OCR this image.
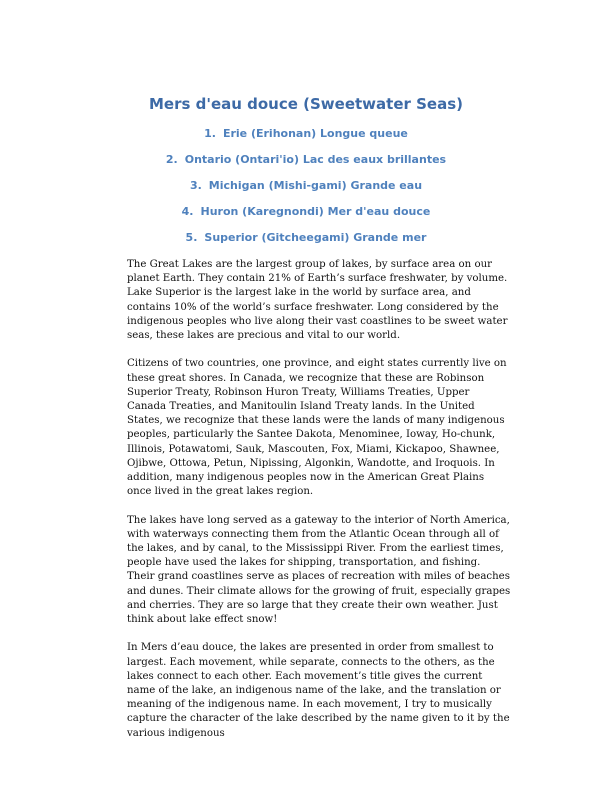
Mers d'eau douce (Sweetwater Seas)
1. Erie (Erihonan) Longue queue
2. Ontario (Ontari'io) Lac des eaux brillantes
3. Michigan (Mishi-gami) Grande eau
4. Huron (Karegnondi) Mer d'eau douce
5. Superior (Gitcheegami) Grande mer

The Great Lakes are the largest group of lakes, by surface area on our planet Earth. They contain 21% of Earth’s surface freshwater, by volume. Lake Superior is the largest lake in the world by surface area, and contains 10% of the world’s surface freshwater. Long considered by the indigenous peoples who live along their vast coastlines to be sweet water seas, these lakes are precious and vital to our world.

Citizens of two countries, one province, and eight states currently live on these great shores. In Canada, we recognize that these are Robinson Superior Treaty, Robinson Huron Treaty, Williams Treaties, Upper Canada Treaties, and Manitoulin Island Treaty lands. In the United States, we recognize that these lands were the lands of many indigenous peoples, particularly the Santee Dakota, Menominee, Ioway, Ho-chunk, Illinois, Potawatomi, Sauk, Mascouten, Fox, Miami, Kickapoo, Shawnee, Ojibwe, Ottowa, Petun, Nipissing, Algonkin, Wandotte, and Iroquois. In addition, many indigenous peoples now in the American Great Plains once lived in the great lakes region.

The lakes have long served as a gateway to the interior of North America, with waterways connecting them from the Atlantic Ocean through all of the lakes, and by canal, to the Mississippi River. From the earliest times, people have used the lakes for shipping, transportation, and fishing. Their grand coastlines serve as places of recreation with miles of beaches and dunes. Their climate allows for the growing of fruit, especially grapes and cherries. They are so large that they create their own weather. Just think about lake effect snow!

In Mers d’eau douce, the lakes are presented in order from smallest to largest. Each movement, while separate, connects to the others, as the lakes connect to each other. Each movement’s title gives the current name of the lake, an indigenous name of the lake, and the translation or meaning of the indigenous name. In each movement, I try to musically capture the character of the lake described by the name given to it by the various indigenous
